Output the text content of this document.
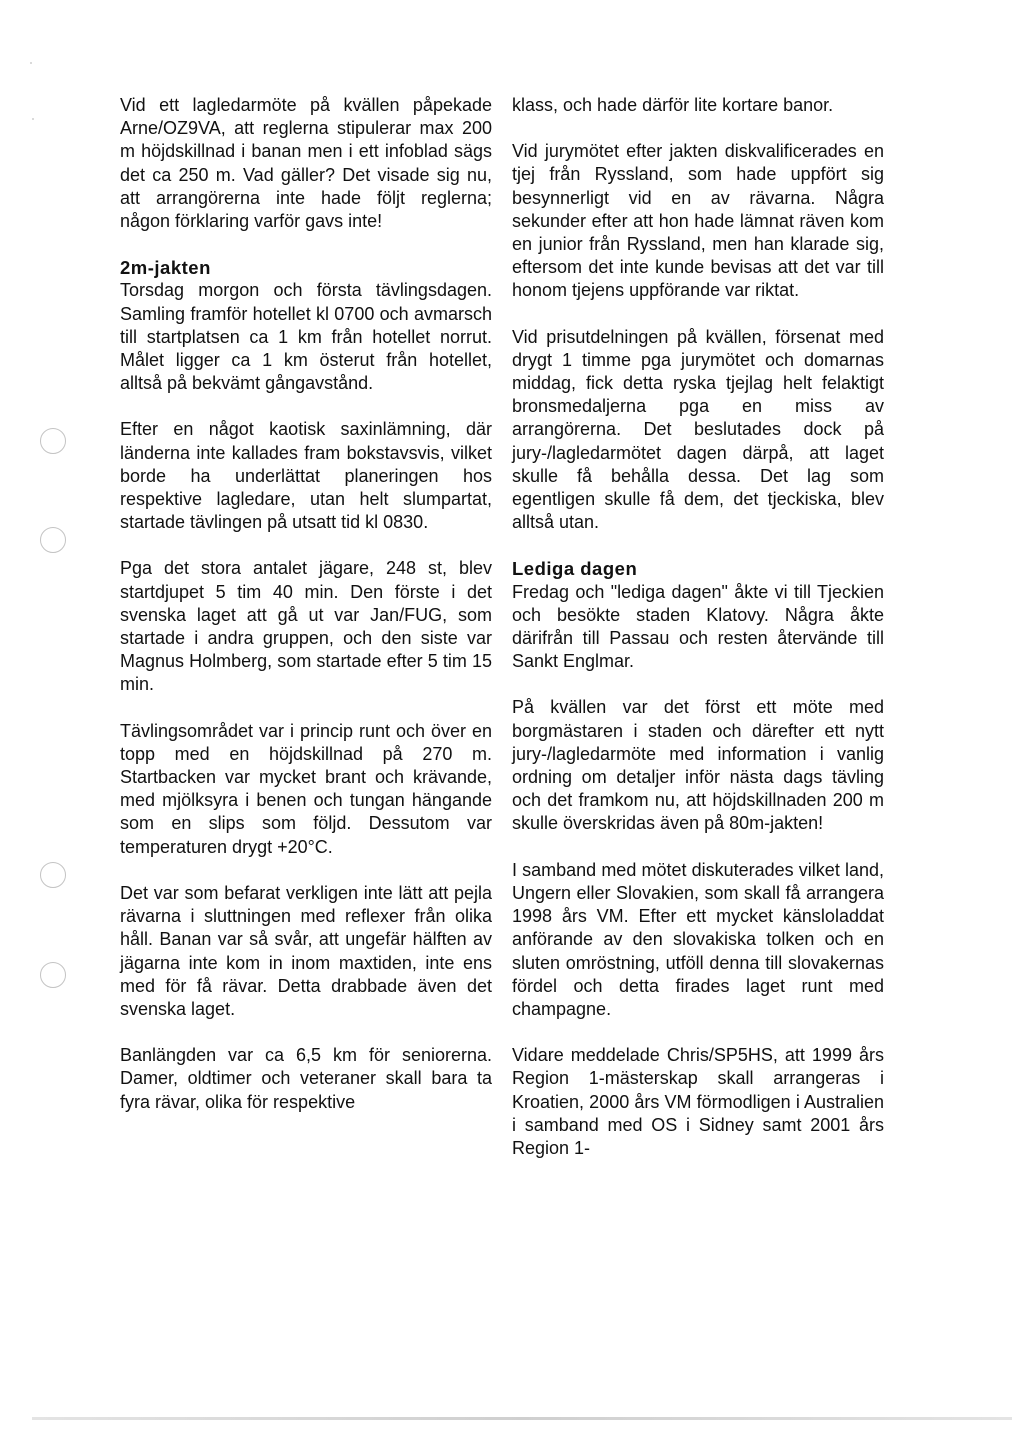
Vid ett lagledarmöte på kvällen påpekade Arne/OZ9VA, att reglerna stipulerar max 200 m höjdskillnad i banan men i ett infoblad sägs det ca 250 m. Vad gäller? Det visade sig nu, att arrangörerna inte hade följt reglerna; någon förklaring varför gavs inte!

2m-jakten

Torsdag morgon och första tävlingsdagen. Samling framför hotellet kl 0700 och avmarsch till startplatsen ca 1 km från hotellet norrut. Målet ligger ca 1 km österut från hotellet, alltså på bekvämt gångavstånd.

Efter en något kaotisk saxinlämning, där länderna inte kallades fram bokstavsvis, vilket borde ha underlättat planeringen hos respektive lagledare, utan helt slumpartat, startade tävlingen på utsatt tid kl 0830.

Pga det stora antalet jägare, 248 st, blev startdjupet 5 tim 40 min. Den förste i det svenska laget att gå ut var Jan/FUG, som startade i andra gruppen, och den siste var Magnus Holmberg, som startade efter 5 tim 15 min.

Tävlingsområdet var i princip runt och över en topp med en höjdskillnad på 270 m. Startbacken var mycket brant och krävande, med mjölksyra i benen och tungan hängande som en slips som följd. Dessutom var temperaturen drygt +20°C.

Det var som befarat verkligen inte lätt att pejla rävarna i sluttningen med reflexer från olika håll. Banan var så svår, att ungefär hälften av jägarna inte kom in inom maxtiden, inte ens med för få rävar. Detta drabbade även det svenska laget.

Banlängden var ca 6,5 km för seniorerna. Damer, oldtimer och veteraner skall bara ta fyra rävar, olika för respektive

klass, och hade därför lite kortare banor.

Vid jurymötet efter jakten diskvalificerades en tjej från Ryssland, som hade uppfört sig besynnerligt vid en av rävarna. Några sekunder efter att hon hade lämnat räven kom en junior från Ryssland, men han klarade sig, eftersom det inte kunde bevisas att det var till honom tjejens uppförande var riktat.

Vid prisutdelningen på kvällen, försenat med drygt 1 timme pga jurymötet och domarnas middag, fick detta ryska tjejlag helt felaktigt bronsmedaljerna pga en miss av arrangörerna. Det beslutades dock på jury-/lagledarmötet dagen därpå, att laget skulle få behålla dessa. Det lag som egentligen skulle få dem, det tjeckiska, blev alltså utan.

Lediga dagen

Fredag och "lediga dagen" åkte vi till Tjeckien och besökte staden Klatovy. Några åkte därifrån till Passau och resten återvände till Sankt Englmar.

På kvällen var det först ett möte med borgmästaren i staden och därefter ett nytt jury-/lagledarmöte med information i vanlig ordning om detaljer inför nästa dags tävling och det framkom nu, att höjdskillnaden 200 m skulle överskridas även på 80m-jakten!

I samband med mötet diskuterades vilket land, Ungern eller Slovakien, som skall få arrangera 1998 års VM. Efter ett mycket känsloladdat anförande av den slovakiska tolken och en sluten omröstning, utföll denna till slovakernas fördel och detta firades laget runt med champagne.

Vidare meddelade Chris/SP5HS, att 1999 års Region 1-mästerskap skall arrangeras i Kroatien, 2000 års VM förmodligen i Australien i samband med OS i Sidney samt 2001 års Region 1-
